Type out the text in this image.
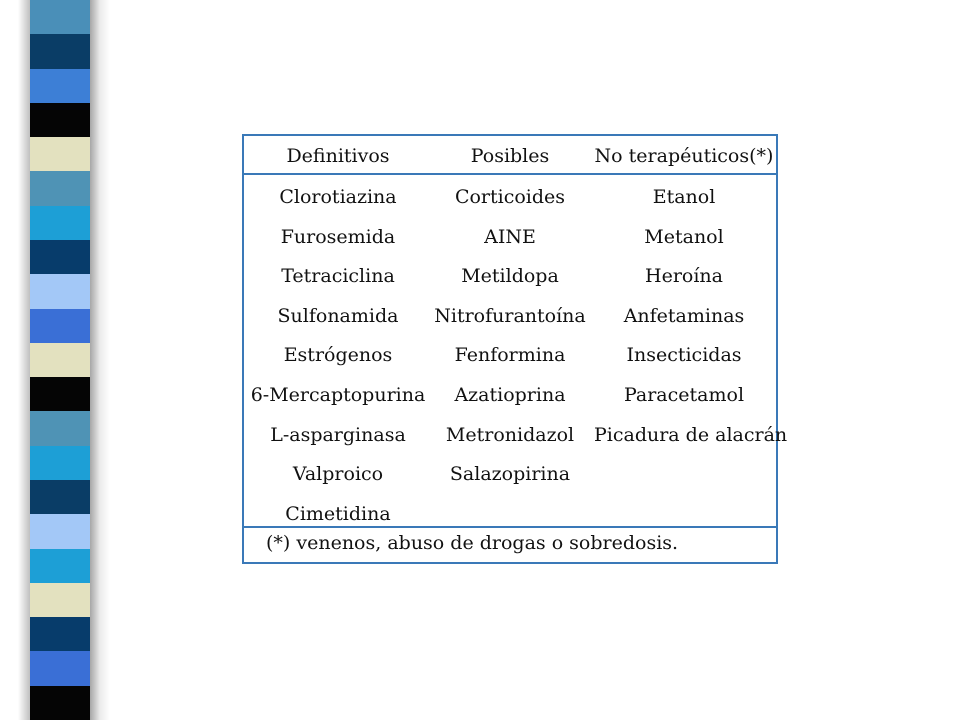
Definitivos	Posibles	No terapéuticos(*)
Clorotiazina	Corticoides	Etanol
Furosemida	AINE	Metanol
Tetraciclina	Metildopa	Heroína
Sulfonamida	Nitrofurantoína	Anfetaminas
Estrógenos	Fenformina	Insecticidas
6-Mercaptopurina	Azatioprina	Paracetamol
L-asparginasa	Metronidazol	Picadura de alacrán
Valproico	Salazopirina
Cimetidina
(*) venenos, abuso de drogas o sobredosis.
